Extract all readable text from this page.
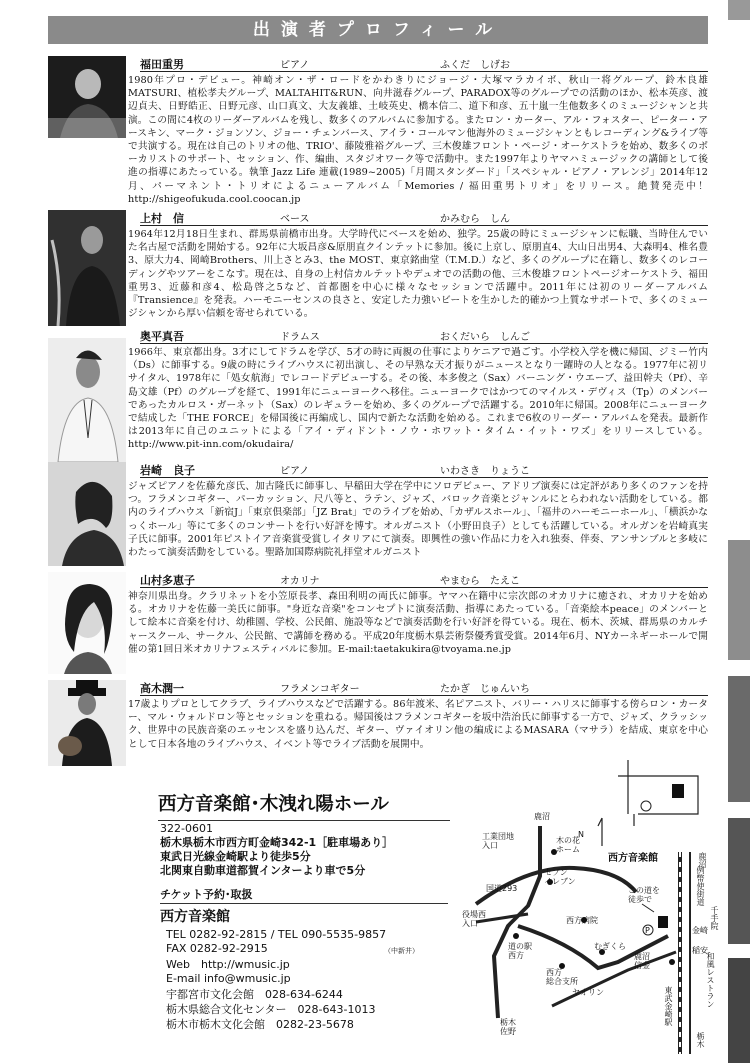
出演者プロフィール
福田重男	ピアノ	ふくだ　しげお
1980年プロ・デビュー。神崎オン・ザ・ロードをかわきりにジョージ・大塚マラカイボ、秋山一将グループ、鈴木良雄MATSURI、植松孝夫グループ、MALTAHIT&RUN、向井滋春グループ、PARADOX等のグループでの活動のほか、松本英彦、渡辺貞夫、日野皓正、日野元彦、山口真文、大友義雄、土岐英史、橋本信二、道下和彦、五十嵐一生他数多くのミュージシャンと共演。この間に4枚のリーダーアルバムを残し、数多くのアルバムに参加する。またロン・カーター、アル・フォスター、ピーター・アースキン、マーク・ジョンソン、ジョー・チェンバース、アイラ・コールマン他海外のミュージシャンともレコーディング&ライブ等で共演する。現在は自己のトリオの他、TRIO'、藤陵雅裕グループ、三木俊雄フロント・ページ・オーケストラを始め、数多くのボーカリストのサポート、セッション、作、編曲、スタジオワーク等で活動中。また1997年よりヤマハミュージックの講師として後進の指導にあたっている。執筆 Jazz Life 連載(1989~2005)「月間スタンダード」「スペシャル・ピアノ・アレンジ」2014年12月、パーマネント・トリオによるニューアルバム「Memories / 福田重男トリオ」をリリース。絶賛発売中！http://shigeofukuda.cool.coocan.jp
上村　信	ベース	かみむら　しん
1964年12月18日生まれ、群馬県前橋市出身。大学時代にベースを始め、独学。25歳の時にミュージシャンに転職、当時住んでいた名古屋で活動を開始する。92年に大坂昌彦&原朋直クインテットに参加。後に上京し、原朋直4、大山日出男4、大森明4、椎名豊3、原大力4、岡崎Brothers、川上さとみ3、the MOST、東京銘曲堂（T.M.D.）など、多くのグループに在籍し、数多くのレコーディングやツアーをこなす。現在は、自身の上村信カルテットやデュオでの活動の他、三木俊雄フロントページオーケストラ、福田重男3、近藤和彦4、松島啓之5など、首都圏を中心に様々なセッションで活躍中。2011年には初のリーダーアルバム『Transience』を発表。ハーモニーセンスの良さと、安定した力強いビートを生かした的確かつ上質なサポートで、多くのミュージシャンから厚い信頼を寄せられている。
奥平真吾	ドラムス	おくだいら　しんご
1966年、東京都出身。3才にしてドラムを学び、5才の時に両親の仕事によりケニアで過ごす。小学校入学を機に帰国、ジミー竹内（Ds）に師事する。9歳の時にライブハウスに初出演し、その早熟な天才振りがニュースとなり一躍時の人となる。1977年に初リサイタル、1978年に「処女航海」でレコードデビューする。その後、本多俊之（Sax）バーニング・ウエーブ、益田幹夫（Pf）、辛島文雄（Pf）のグループを経て、1991年にニューヨークへ移住。ニューヨークではかつてのマイルス・デヴィス（Tp）のメンバーであったカルロス・ガーネット（Sax）のレギュラーを始め、多くのグループで活躍する。2010年に帰国。2008年にニューヨークで結成した「THE FORCE」を帰国後に再編成し、国内で新たな活動を始める。これまで6枚のリーダー・アルバムを発表。最新作は2013年に自己のユニットによる「アイ・ディドント・ノウ・ホワット・タイム・イット・ワズ」をリリースしている。http://www.pit-inn.com/okudaira/
岩崎　良子	ピアノ	いわさき　りょうこ
ジャズピアノを佐藤允彦氏、加古隆氏に師事し、早稲田大学在学中にソロデビュー、アドリブ演奏には定評があり多くのファンを持つ。フラメンコギター、パーカッション、尺八等と、ラテン、ジャズ、バロック音楽とジャンルにとらわれない活動をしている。都内のライブハウス「新宿J」「東京倶楽部」「JZ Brat」でのライブを始め、「カザルスホール」、「福井のハーモニーホール」、「横浜かなっくホール」等にて多くのコンサートを行い好評を博す。オルガニスト（小野田良子）としても活躍している。オルガンを岩崎真実子氏に師事。2001年ピストイア音楽賞受賞しイタリアにて演奏。即興性の強い作品に力を入れ独奏、伴奏、アンサンブルと多岐にわたって演奏活動をしている。聖路加国際病院礼拝堂オルガニスト
山村多恵子	オカリナ	やまむら　たえこ
神奈川県出身。クラリネットを小笠原長孝、森田利明の両氏に師事。ヤマハ在籍中に宗次郎のオカリナに癒され、オカリナを始める。オカリナを佐藤一美氏に師事。"身近な音楽"をコンセプトに演奏活動、指導にあたっている。「音楽絵本peace」のメンバーとして絵本に音楽を付け、幼稚園、学校、公民館、施設等などで演奏活動を行い好評を得ている。現在、栃木、茨城、群馬県のカルチャースクール、サークル、公民館、で講師を務める。平成20年度栃木県芸術祭優秀賞受賞。2014年6月、NYカーネギーホールで開催の第1回日米オカリナフェスティバルに参加。E-mail:taetakukira@tvoyama.ne.jp
高木潤一	フラメンコギター	たかぎ　じゅんいち
17歳よりプロとしてクラブ、ライブハウスなどで活躍する。86年渡米、名ピアニスト、バリー・ハリスに師事する傍らロン・カーター、マル・ウォルドロン等とセッションを重ねる。帰国後はフラメンコギターを坂中浩治氏に師事する一方で、ジャズ、クラッシック、世界中の民族音楽のエッセンスを盛り込んだ、ギター、ヴァイオリン他の編成によるMASARA（マサラ）を結成、東京を中心として日本各地のライブハウス、イベント等でライブ活動を展開中。
西方音楽館･木洩れ陽ホール
322-0601
栃木県栃木市西方町金崎342-1［駐車場あり］
東武日光線金崎駅より徒歩5分
北関東自動車道都賀インターより車で5分
チケット予約･取扱
西方音楽館
TEL 0282-92-2815 / TEL 090-5535-9857
（中新井）
FAX 0282-92-2915
Web　http://wmusic.jp
E-mail info@wmusic.jp
宇都宮市文化会館　028-634-6244
栃木県総合文化センター　028-643-1013
栃木市栃木文化会館　0282-23-5678
N
鹿沼
工業団地
入口
木の花
ホーム
セブン
イレブン
国道293
西方音楽館
この道を
徒歩で
役場西
入口	西方病院
道の駅
西方
西方
総合支所
むぎくら
ヤオリン
鹿沼
信金
栃木
佐野
東武金崎駅
金崎
稲安
和風レストラン
例幣使街道
千手院
鹿沼
栃木
P
